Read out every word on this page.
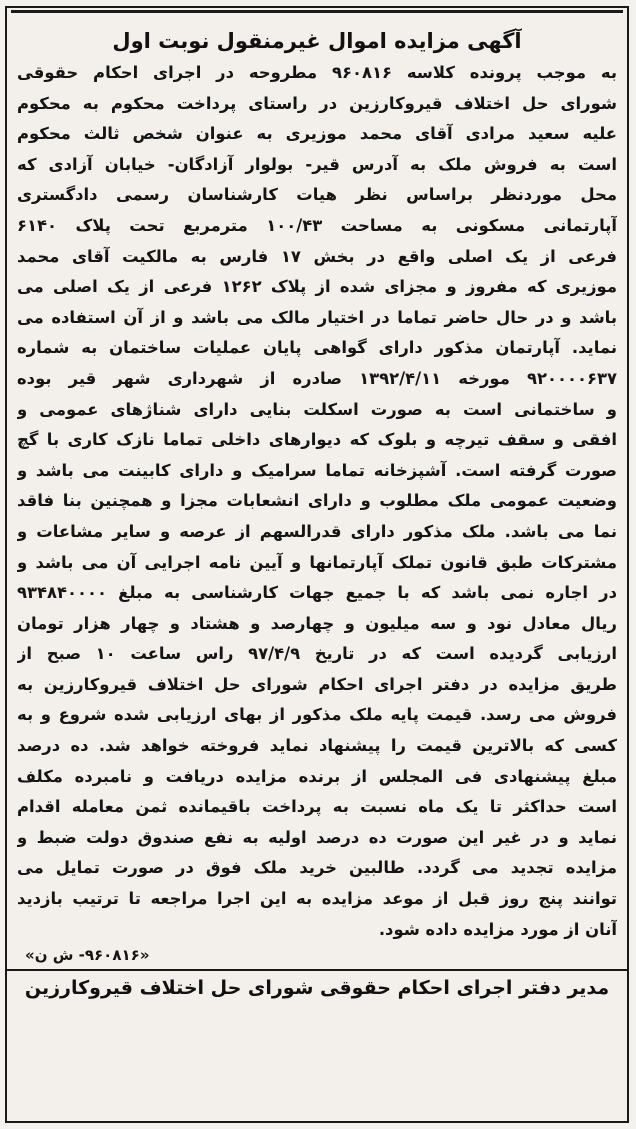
آگهی مزایده اموال غیرمنقول نوبت اول
به موجب پرونده کلاسه ۹۶۰۸۱۶ مطروحه در اجرای احکام حقوقی
شورای حل اختلاف قیروکارزین در راستای پرداخت محکوم به محکوم
علیه سعید مرادی آقای محمد موزیری به عنوان شخص ثالث محکوم
است به فروش ملک به آدرس قیر- بولوار آزادگان- خیابان آزادی که
محل موردنظر براساس نظر هیات کارشناسان رسمی دادگستری
آپارتمانی مسکونی به مساحت ۱۰۰/۴۳ مترمربع تحت پلاک ۶۱۴۰
فرعی از یک اصلی واقع در بخش ۱۷ فارس به مالکیت آقای محمد
موزیری که مفروز و مجزای شده از پلاک ۱۲۶۲ فرعی از یک اصلی می
باشد و در حال حاضر تماما در اختیار مالک می باشد و از آن استفاده می
نماید. آپارتمان مذکور دارای گواهی پایان عملیات ساختمان به شماره
۹۲۰۰۰۰۶۳۷ مورخه ۱۳۹۲/۴/۱۱ صادره از شهرداری شهر قیر بوده
و ساختمانی است به صورت اسکلت بنایی دارای شناژهای عمومی و
افقی و سقف تیرچه و بلوک که دیوارهای داخلی تماما نازک کاری با گچ
صورت گرفته است. آشپزخانه تماما سرامیک و دارای کابینت می باشد و
وضعیت عمومی ملک مطلوب و دارای انشعابات مجزا و همچنین بنا فاقد
نما می باشد. ملک مذکور دارای قدرالسهم از عرصه و سایر مشاعات و
مشترکات طبق قانون تملک آپارتمانها و آیین نامه اجرایی آن می باشد و
در اجاره نمی باشد که با جمیع جهات کارشناسی به مبلغ ۹۳۴۸۴۰۰۰۰
ریال معادل نود و سه میلیون و چهارصد و هشتاد و چهار هزار تومان
ارزیابی گردیده است که در تاریخ ۹۷/۴/۹ راس ساعت ۱۰ صبح از
طریق مزایده در دفتر اجرای احکام شورای حل اختلاف قیروکارزین به
فروش می رسد. قیمت پایه ملک مذکور از بهای ارزیابی شده شروع و به
کسی که بالاترین قیمت را پیشنهاد نماید فروخته خواهد شد. ده درصد
مبلغ پیشنهادی فی المجلس از برنده مزایده دریافت و نامبرده مکلف
است حداکثر تا یک ماه نسبت به پرداخت باقیمانده ثمن معامله اقدام
نماید و در غیر این صورت ده درصد اولیه به نفع صندوق دولت ضبط و
مزایده تجدید می گردد. طالبین خرید ملک فوق در صورت تمایل می
توانند پنج روز قبل از موعد مزایده به این اجرا مراجعه تا ترتیب بازدید
آنان از مورد مزایده داده شود.
«۹۶۰۸۱۶- ش ن»
مدیر دفتر اجرای احکام حقوقی شورای حل اختلاف قیروکارزین
